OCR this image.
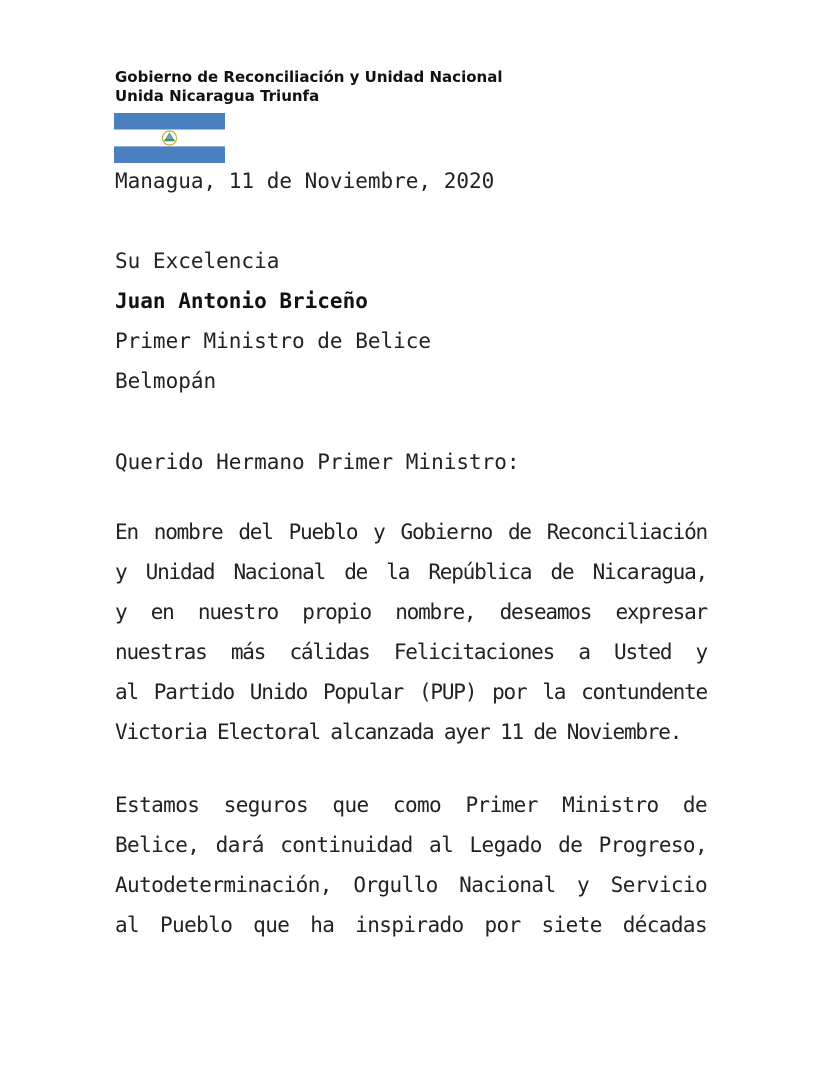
Gobierno de Reconciliación y Unidad Nacional
Unida Nicaragua Triunfa
Managua, 11 de Noviembre, 2020
Su Excelencia
Juan Antonio Briceño
Primer Ministro de Belice
Belmopán
Querido Hermano Primer Ministro:
En nombre del Pueblo y Gobierno de Reconciliación
y Unidad Nacional de la República de Nicaragua,
y en nuestro propio nombre, deseamos expresar
nuestras más cálidas Felicitaciones a Usted y
al Partido Unido Popular (PUP) por la contundente
Victoria Electoral alcanzada ayer 11 de Noviembre.
Estamos seguros que como Primer Ministro de
Belice, dará continuidad al Legado de Progreso,
Autodeterminación, Orgullo Nacional y Servicio
al Pueblo que ha inspirado por siete décadas
